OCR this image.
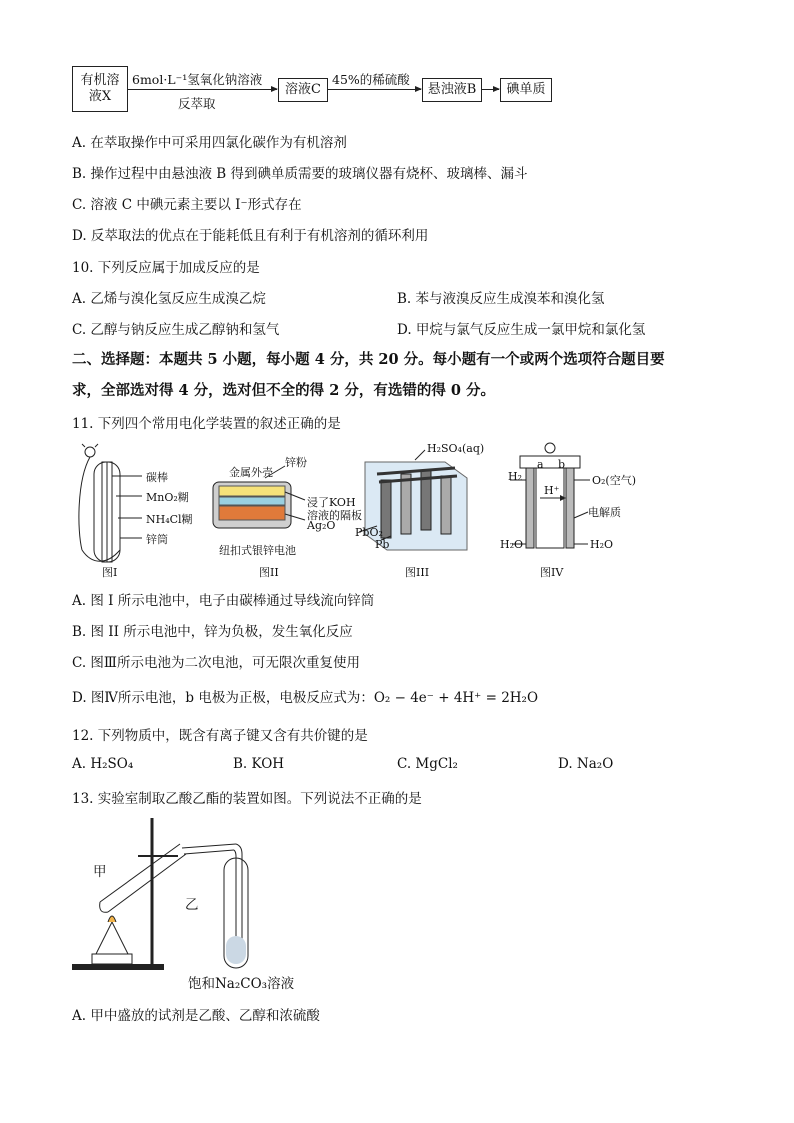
有机溶
液X
6mol·L⁻¹氢氧化钠溶液
反萃取
溶液C
45%的稀硫酸
悬浊液B	碘单质
A. 在萃取操作中可采用四氯化碳作为有机溶剂
B. 操作过程中由悬浊液 B 得到碘单质需要的玻璃仪器有烧杯、玻璃棒、漏斗
C. 溶液 C 中碘元素主要以 I⁻形式存在
D. 反萃取法的优点在于能耗低且有利于有机溶剂的循环利用
10. 下列反应属于加成反应的是
A. 乙烯与溴化氢反应生成溴乙烷	B. 苯与液溴反应生成溴苯和溴化氢
C. 乙醇与钠反应生成乙醇钠和氢气	D. 甲烷与氯气反应生成一氯甲烷和氯化氢
二、选择题：本题共 5 小题，每小题 4 分，共 20 分。每小题有一个或两个选项符合题目要
求，全部选对得 4 分，选对但不全的得 2 分，有选错的得 0 分。
11. 下列四个常用电化学装置的叙述正确的是
碳棒
MnO₂糊
NH₄Cl糊
锌筒
图I
金属外壳
锌粉
浸了KOH
溶液的隔板
Ag₂O
纽扣式银锌电池
图II
H₂SO₄(aq)
PbO₂
Pb
图III
a b
H₂	O₂(空气)
H⁺
电解质
H₂O	H₂O
图IV
A. 图 I 所示电池中，电子由碳棒通过导线流向锌筒
B. 图 II 所示电池中，锌为负极，发生氧化反应
C. 图Ⅲ所示电池为二次电池，可无限次重复使用
D. 图Ⅳ所示电池，b 电极为正极，电极反应式为：O₂ − 4e⁻ + 4H⁺ = 2H₂O
12. 下列物质中，既含有离子键又含有共价键的是
A. H₂SO₄	B. KOH	C. MgCl₂	D. Na₂O
13. 实验室制取乙酸乙酯的装置如图。下列说法不正确的是
甲
乙
饱和Na₂CO₃溶液
A. 甲中盛放的试剂是乙酸、乙醇和浓硫酸
